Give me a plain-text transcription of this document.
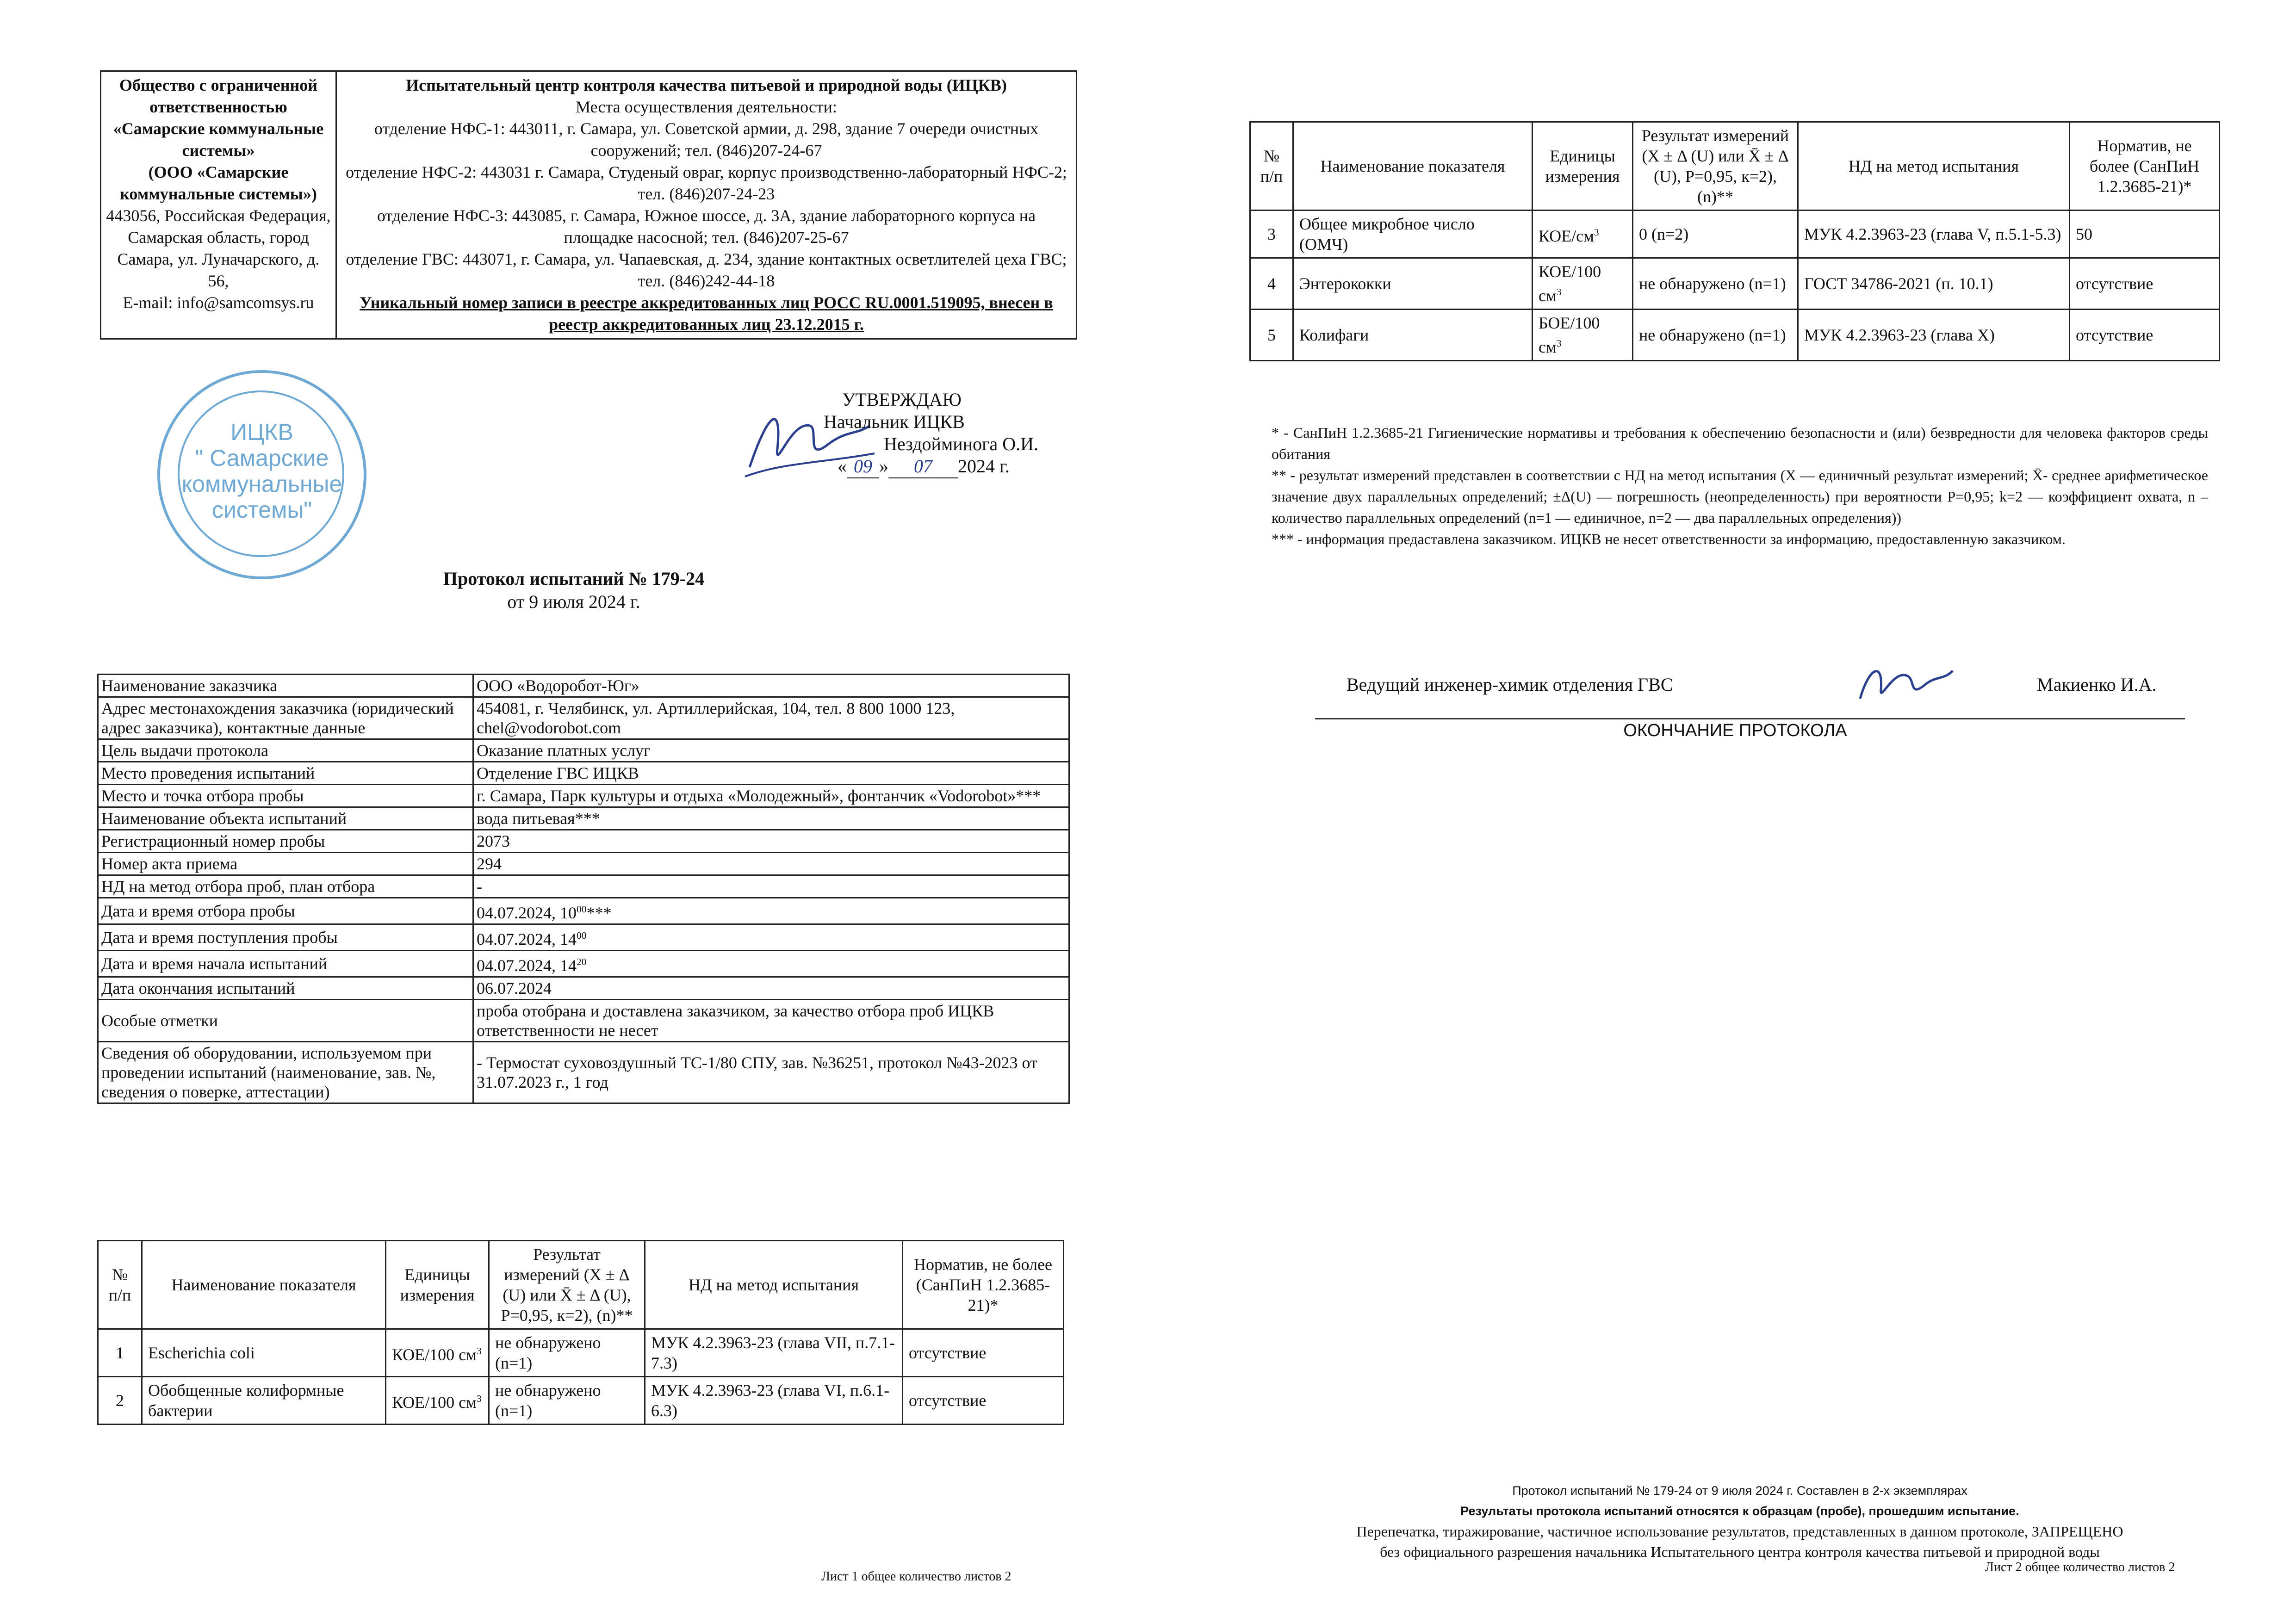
Общество с ограниченной ответственностью «Самарские коммунальные системы»
(ООО «Самарские коммунальные системы»)
443056, Российская Федерация, Самарская область, город Самара, ул. Луначарского, д. 56,
E-mail: info@samcomsys.ru

Испытательный центр контроля качества питьевой и природной воды (ИЦКВ)
Места осуществления деятельности:
отделение НФС-1: 443011, г. Самара, ул. Советской армии, д. 298, здание 7 очереди очистных сооружений; тел. (846)207-24-67
отделение НФС-2: 443031 г. Самара, Студеный овраг, корпус производственно-лабораторный НФС-2; тел. (846)207-24-23
отделение НФС-3: 443085, г. Самара, Южное шоссе, д. 3А, здание лабораторного корпуса на площадке насосной; тел. (846)207-25-67
отделение ГВС: 443071, г. Самара, ул. Чапаевская, д. 234, здание контактных осветлителей цеха ГВС; тел. (846)242-44-18
Уникальный номер записи в реестре аккредитованных лиц РОСС RU.0001.519095, внесен в реестр аккредитованных лиц 23.12.2015 г.
ИЦКВ
" Самарские
коммунальные
системы"
УТВЕРЖДАЮ
Начальник ИЦКВ
Нездойминога О.И.
« 09 » 07 2024 г.
Протокол испытаний № 179-24
от 9 июля 2024 г.
Наименование заказчика	ООО «Водоробот-Юг»
Адрес местонахождения заказчика (юридический адрес заказчика), контактные данные	454081, г. Челябинск, ул. Артиллерийская, 104, тел. 8 800 1000 123, chel@vodorobot.com
Цель выдачи протокола	Оказание платных услуг
Место проведения испытаний	Отделение ГВС ИЦКВ
Место и точка отбора пробы	г. Самара, Парк культуры и отдыха «Молодежный», фонтанчик «Vodorobot»***
Наименование объекта испытаний	вода питьевая***
Регистрационный номер пробы	2073
Номер акта приема	294
НД на метод отбора проб, план отбора	-
Дата и время отбора пробы	04.07.2024, $10^{00}***$
Дата и время поступления пробы	04.07.2024, $14^{00}$
Дата и время начала испытаний	04.07.2024, $14^{20}$
Дата окончания испытаний	06.07.2024
Особые отметки	проба отобрана и доставлена заказчиком, за качество отбора проб ИЦКВ ответственности не несет
Сведения об оборудовании, используемом при проведении испытаний (наименование, зав. №, сведения о поверке, аттестации)	- Термостат суховоздушный ТС-1/80 СПУ, зав. №36251, протокол №43-2023 от 31.07.2023 г., 1 год
№ п/п	Наименование показателя	Единицы измерения	Результат измерений (X ± Δ (U) или X̄ ± Δ (U), P=0,95, к=2), (n)**	НД на метод испытания	Норматив, не более (СанПиН 1.2.3685-21)*
1	Escherichia coli	КОЕ/100 $см^3$	не обнаружено (n=1)	МУК 4.2.3963-23 (глава VII, п.7.1-7.3)	отсутствие
2	Обобщенные колиформные бактерии	КОЕ/100 $см^3$	не обнаружено (n=1)	МУК 4.2.3963-23 (глава VI, п.6.1-6.3)	отсутствие
Лист 1 общее количество листов 2
№ п/п	Наименование показателя	Единицы измерения	Результат измерений (X ± Δ (U) или X̄ ± Δ (U), P=0,95, к=2), (n)**	НД на метод испытания	Норматив, не более (СанПиН 1.2.3685-21)*
3	Общее микробное число (ОМЧ)	КОЕ/$см^3$	0 (n=2)	МУК 4.2.3963-23 (глава V, п.5.1-5.3)	50
4	Энтерококки	КОЕ/100 $см^3$	не обнаружено (n=1)	ГОСТ 34786-2021 (п. 10.1)	отсутствие
5	Колифаги	БОЕ/100 $см^3$	не обнаружено (n=1)	МУК 4.2.3963-23 (глава X)	отсутствие

* - СанПиН 1.2.3685-21 Гигиенические нормативы и требования к обеспечению безопасности и (или) безвредности для человека факторов среды обитания

** - результат измерений представлен в соответствии с НД на метод испытания (X — единичный результат измерений; X̄- среднее арифметическое значение двух параллельных определений; ±Δ(U) — погрешность (неопределенность) при вероятности P=0,95; k=2 — коэффициент охвата, n – количество параллельных определений (n=1 — единичное, n=2 — два параллельных определения))

*** - информация предаставлена заказчиком. ИЦКВ не несет ответственности за информацию, предоставленную заказчиком.

Ведущий инженер-химик отделения ГВС	Макиенко И.А.
ОКОНЧАНИЕ ПРОТОКОЛА
Протокол испытаний № 179-24 от 9 июля 2024 г. Составлен в 2-х экземплярах
Результаты протокола испытаний относятся к образцам (пробе), прошедшим испытание.
Перепечатка, тиражирование, частичное использование результатов, представленных в данном протоколе, ЗАПРЕЩЕНО
без официального разрешения начальника Испытательного центра контроля качества питьевой и природной воды
Лист 2 общее количество листов 2
